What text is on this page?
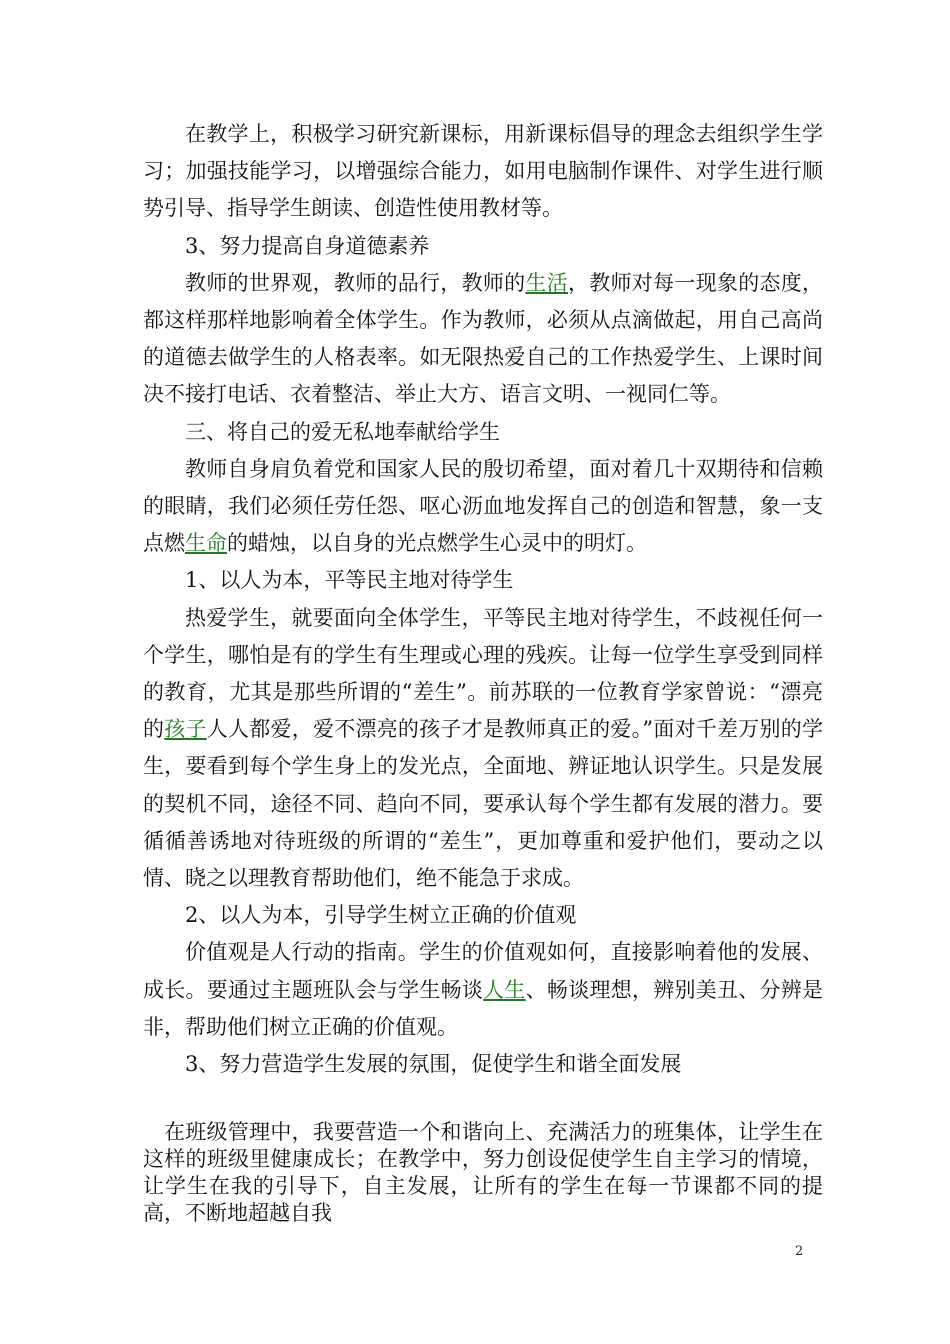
在教学上，积极学习研究新课标，用新课标倡导的理念去组织学生学习；加强技能学习，以增强综合能力，如用电脑制作课件、对学生进行顺势引导、指导学生朗读、创造性使用教材等。

3、努力提高自身道德素养

教师的世界观，教师的品行，教师的生活，教师对每一现象的态度，都这样那样地影响着全体学生。作为教师，必须从点滴做起，用自己高尚的道德去做学生的人格表率。如无限热爱自己的工作热爱学生、上课时间决不接打电话、衣着整洁、举止大方、语言文明、一视同仁等。

三、将自己的爱无私地奉献给学生

教师自身肩负着党和国家人民的殷切希望，面对着几十双期待和信赖的眼睛，我们必须任劳任怨、呕心沥血地发挥自己的创造和智慧，象一支点燃生命的蜡烛，以自身的光点燃学生心灵中的明灯。

1、以人为本，平等民主地对待学生

热爱学生，就要面向全体学生，平等民主地对待学生，不歧视任何一个学生，哪怕是有的学生有生理或心理的残疾。让每一位学生享受到同样的教育，尤其是那些所谓的“差生”。前苏联的一位教育学家曾说：“漂亮的孩子人人都爱，爱不漂亮的孩子才是教师真正的爱。”面对千差万别的学生，要看到每个学生身上的发光点，全面地、辨证地认识学生。只是发展的契机不同，途径不同、趋向不同，要承认每个学生都有发展的潜力。要循循善诱地对待班级的所谓的“差生”，更加尊重和爱护他们，要动之以情、晓之以理教育帮助他们，绝不能急于求成。

2、以人为本，引导学生树立正确的价值观

价值观是人行动的指南。学生的价值观如何，直接影响着他的发展、成长。要通过主题班队会与学生畅谈人生、畅谈理想，辨别美丑、分辨是非，帮助他们树立正确的价值观。

3、努力营造学生发展的氛围，促使学生和谐全面发展

在班级管理中，我要营造一个和谐向上、充满活力的班集体，让学生在这样的班级里健康成长；在教学中，努力创设促使学生自主学习的情境，让学生在我的引导下，自主发展，让所有的学生在每一节课都不同的提高，不断地超越自我

2
